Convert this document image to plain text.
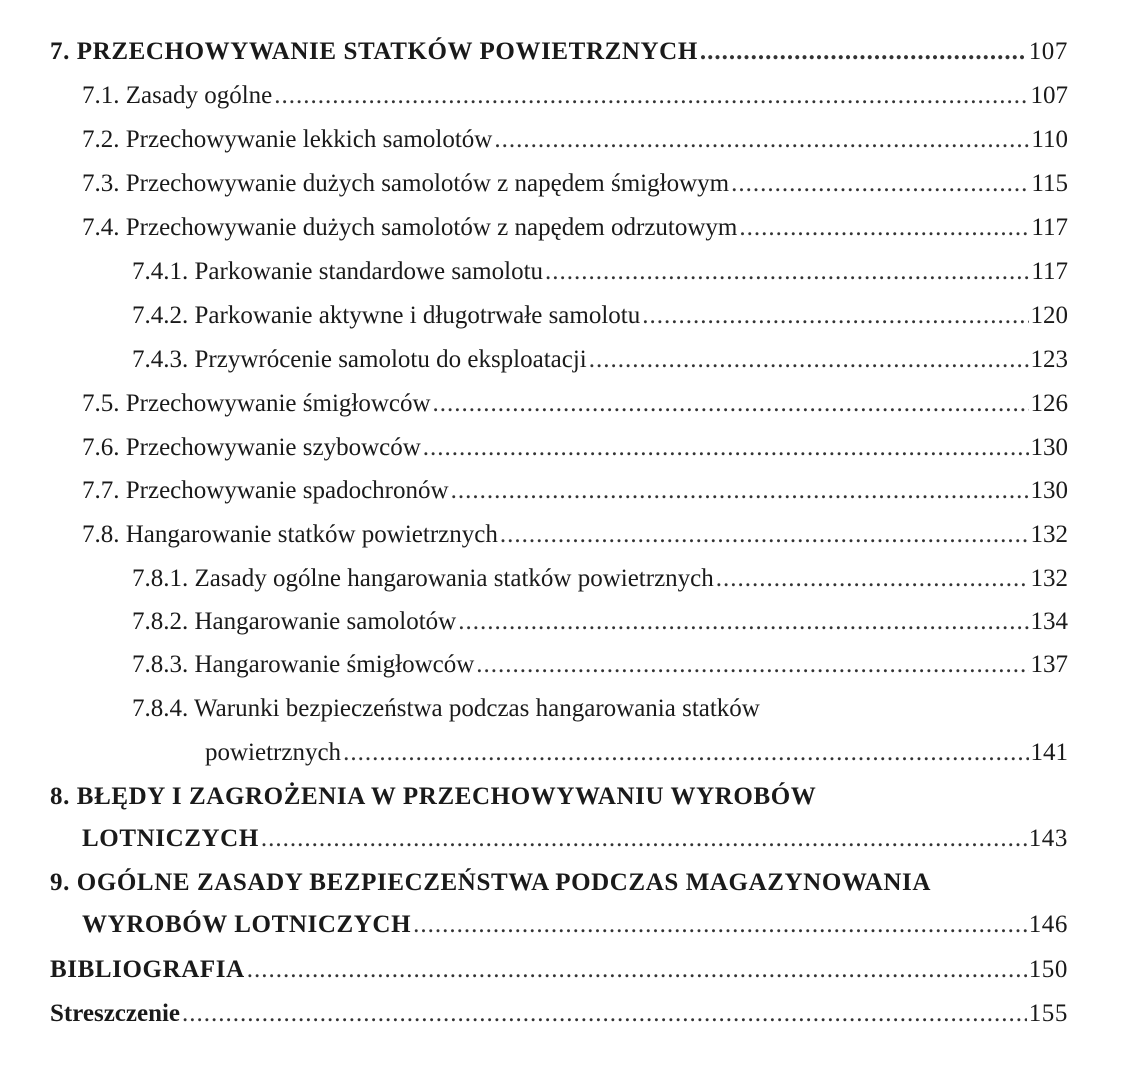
7. PRZECHOWYWANIE STATKÓW POWIETRZNYCH .....	107
7.1. Zasady ogólne .....	107
7.2. Przechowywanie lekkich samolotów .....	110
7.3. Przechowywanie dużych samolotów z napędem śmigłowym .....	115
7.4. Przechowywanie dużych samolotów z napędem odrzutowym .....	117
7.4.1. Parkowanie standardowe samolotu .....	117
7.4.2. Parkowanie aktywne i długotrwałe samolotu .....	120
7.4.3. Przywrócenie samolotu do eksploatacji .....	123
7.5. Przechowywanie śmigłowców .....	126
7.6. Przechowywanie szybowców .....	130
7.7. Przechowywanie spadochronów .....	130
7.8. Hangarowanie statków powietrznych .....	132
7.8.1. Zasady ogólne hangarowania statków powietrznych .....	132
7.8.2. Hangarowanie samolotów .....	134
7.8.3. Hangarowanie śmigłowców .....	137
7.8.4. Warunki bezpieczeństwa podczas hangarowania statków
powietrznych .....	141
8. BŁĘDY I ZAGROŻENIA W PRZECHOWYWANIU WYROBÓW
LOTNICZYCH .....	143
9. OGÓLNE ZASADY BEZPIECZEŃSTWA PODCZAS MAGAZYNOWANIA
WYROBÓW LOTNICZYCH .....	146
BIBLIOGRAFIA .....	150
Streszczenie .....	155
